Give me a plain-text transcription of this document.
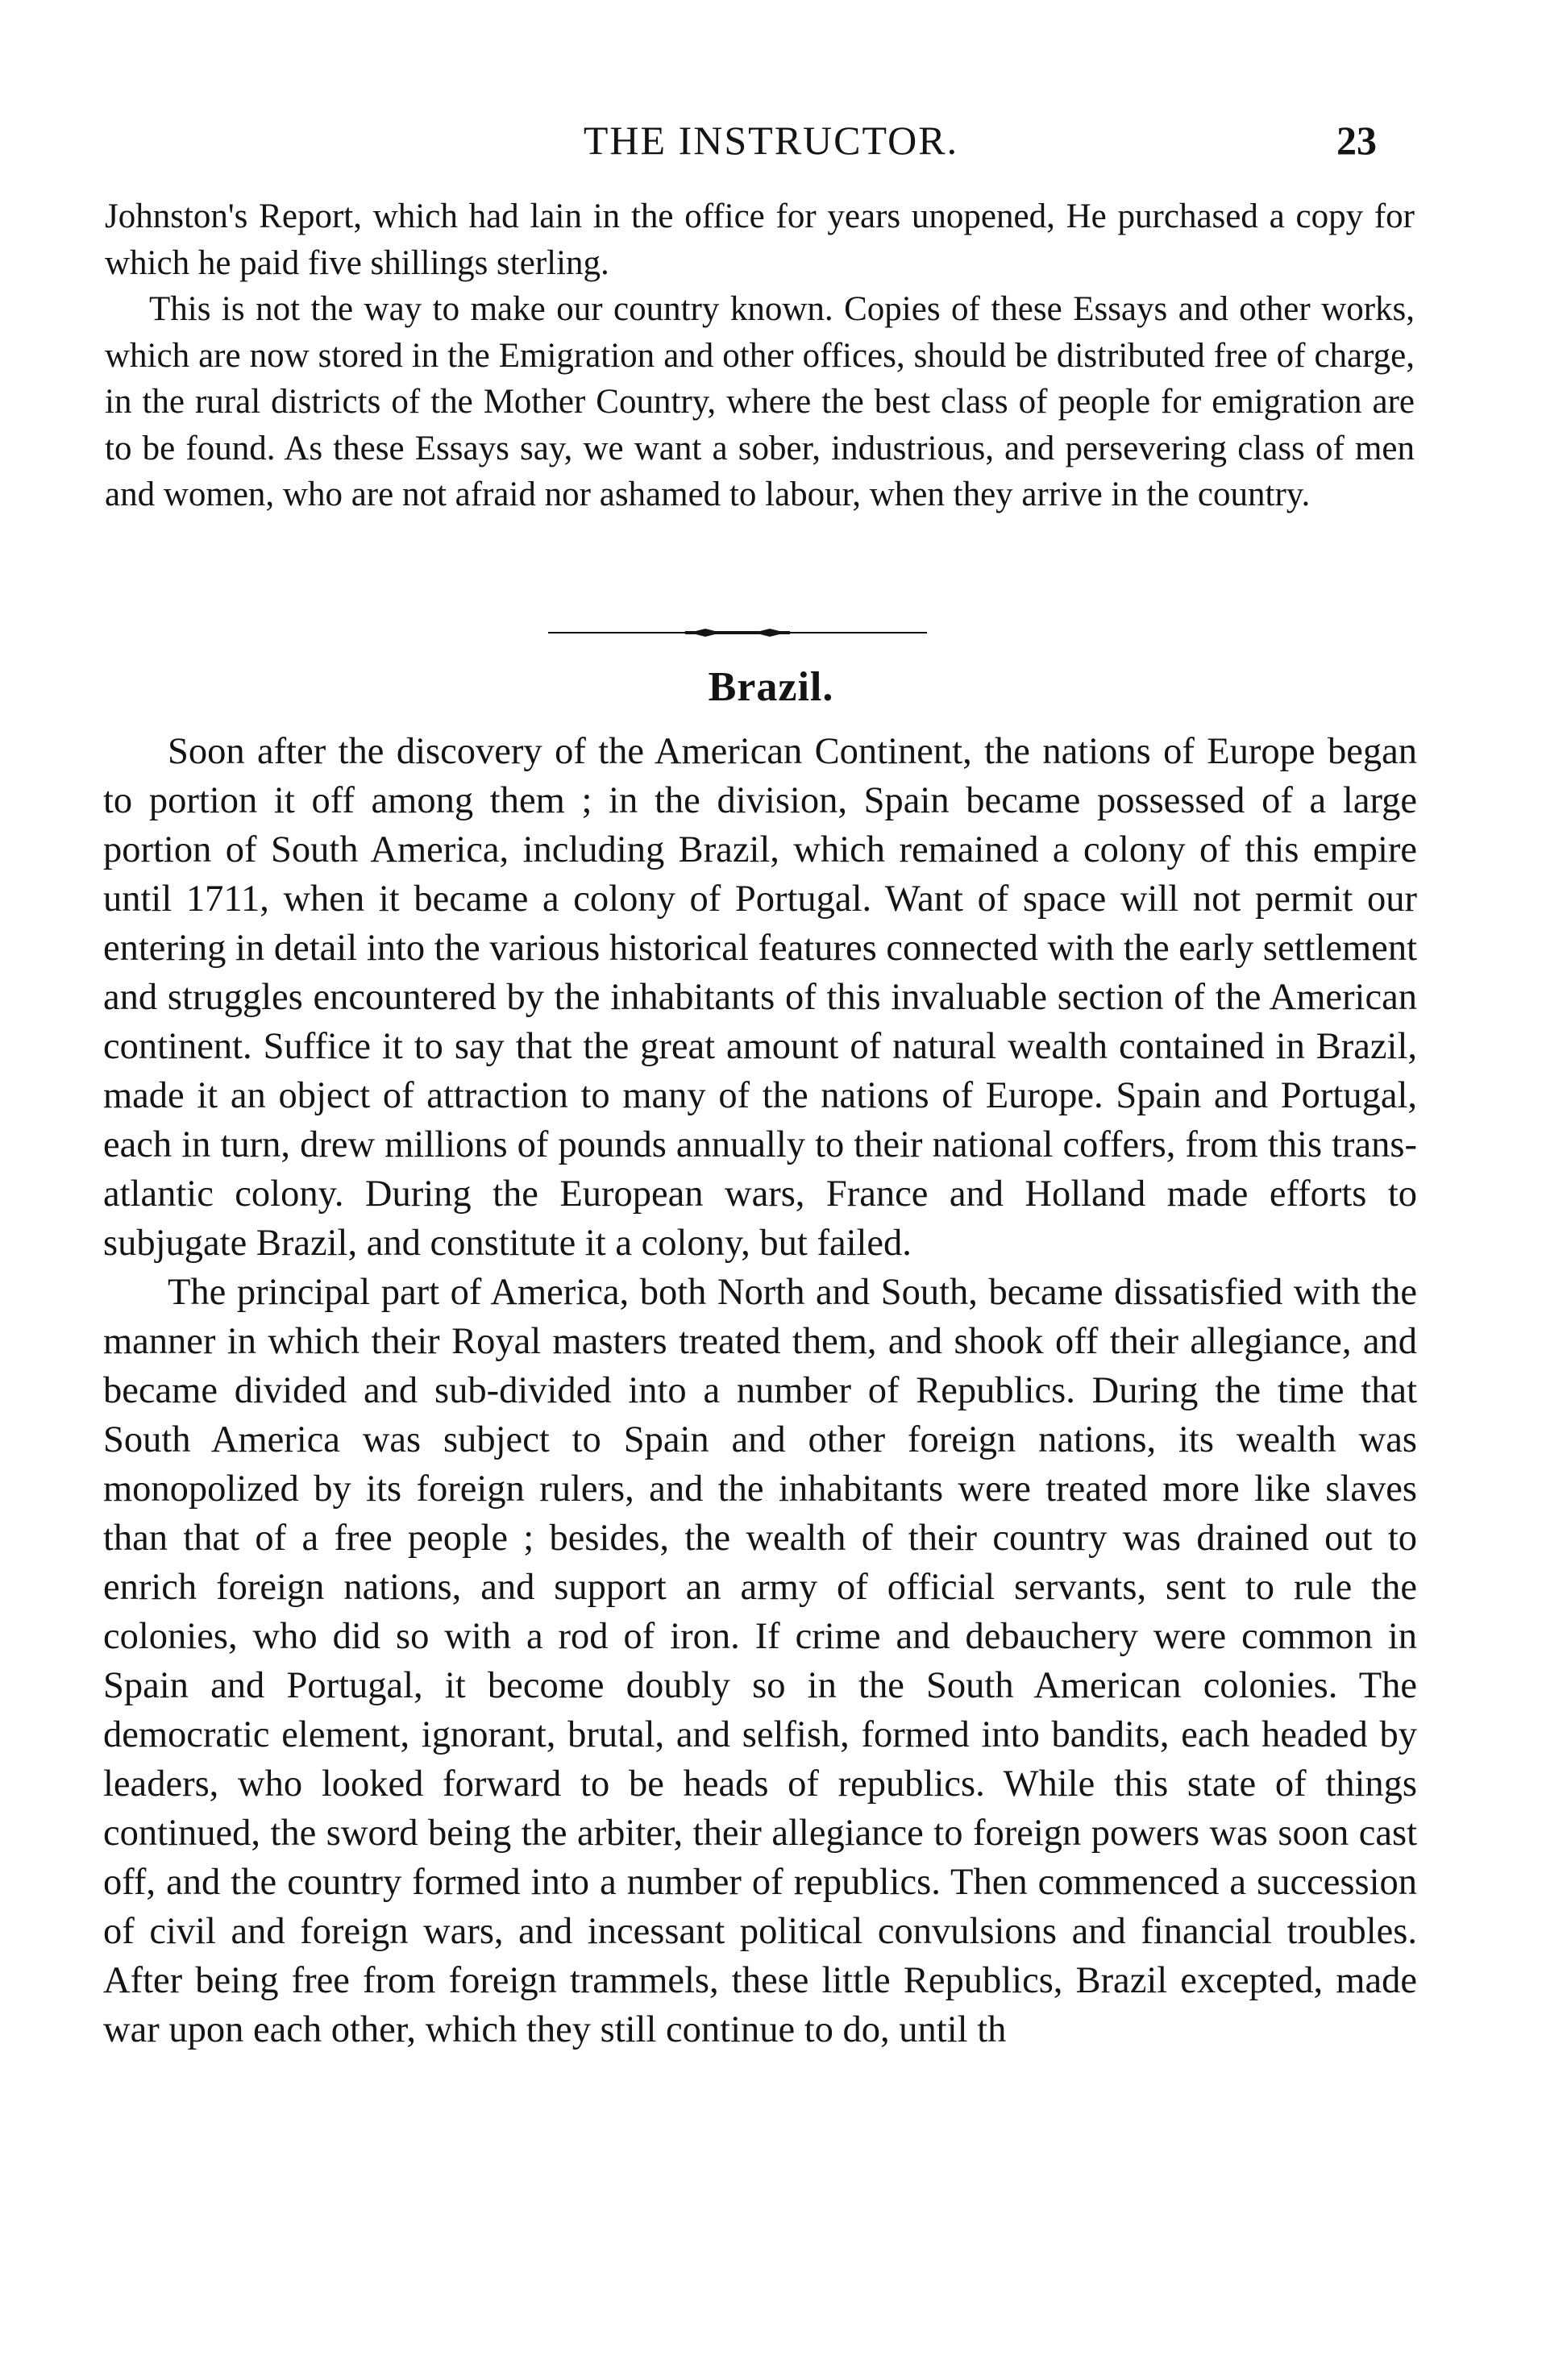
THE INSTRUCTOR.	23

Johnston's Report, which had lain in the office for years unopened, He purchased a copy for which he paid five shillings sterling.

This is not the way to make our country known. Copies of these Essays and other works, which are now stored in the Emigration and other offices, should be distributed free of charge, in the rural districts of the Mother Country, where the best class of people for emigration are to be found. As these Essays say, we want a sober, industrious, and persevering class of men and women, who are not afraid nor ashamed to labour, when they arrive in the country.

Brazil.

Soon after the discovery of the American Continent, the nations of Europe began to portion it off among them ; in the division, Spain became possessed of a large portion of South America, including Brazil, which remained a colony of this empire until 1711, when it became a colony of Portugal. Want of space will not permit our entering in detail into the various historical features connected with the early settlement and struggles encountered by the inhabitants of this invaluable section of the American continent. Suffice it to say that the great amount of natural wealth contained in Brazil, made it an object of attraction to many of the nations of Europe. Spain and Portugal, each in turn, drew millions of pounds annually to their national coffers, from this trans-atlantic colony. During the European wars, France and Holland made efforts to subjugate Brazil, and constitute it a colony, but failed.

The principal part of America, both North and South, became dissatisfied with the manner in which their Royal masters treated them, and shook off their allegiance, and became divided and sub-divided into a number of Republics. During the time that South America was subject to Spain and other foreign nations, its wealth was monopolized by its foreign rulers, and the inhabitants were treated more like slaves than that of a free people ; besides, the wealth of their country was drained out to enrich foreign nations, and support an army of official servants, sent to rule the colonies, who did so with a rod of iron. If crime and debauchery were common in Spain and Portugal, it become doubly so in the South American colonies. The democratic element, ignorant, brutal, and selfish, formed into bandits, each headed by leaders, who looked forward to be heads of republics. While this state of things continued, the sword being the arbiter, their allegiance to foreign powers was soon cast off, and the country formed into a number of republics. Then commenced a succession of civil and foreign wars, and incessant political convulsions and financial troubles. After being free from foreign trammels, these little Republics, Brazil excepted, made war upon each other, which they still continue to do, until th
